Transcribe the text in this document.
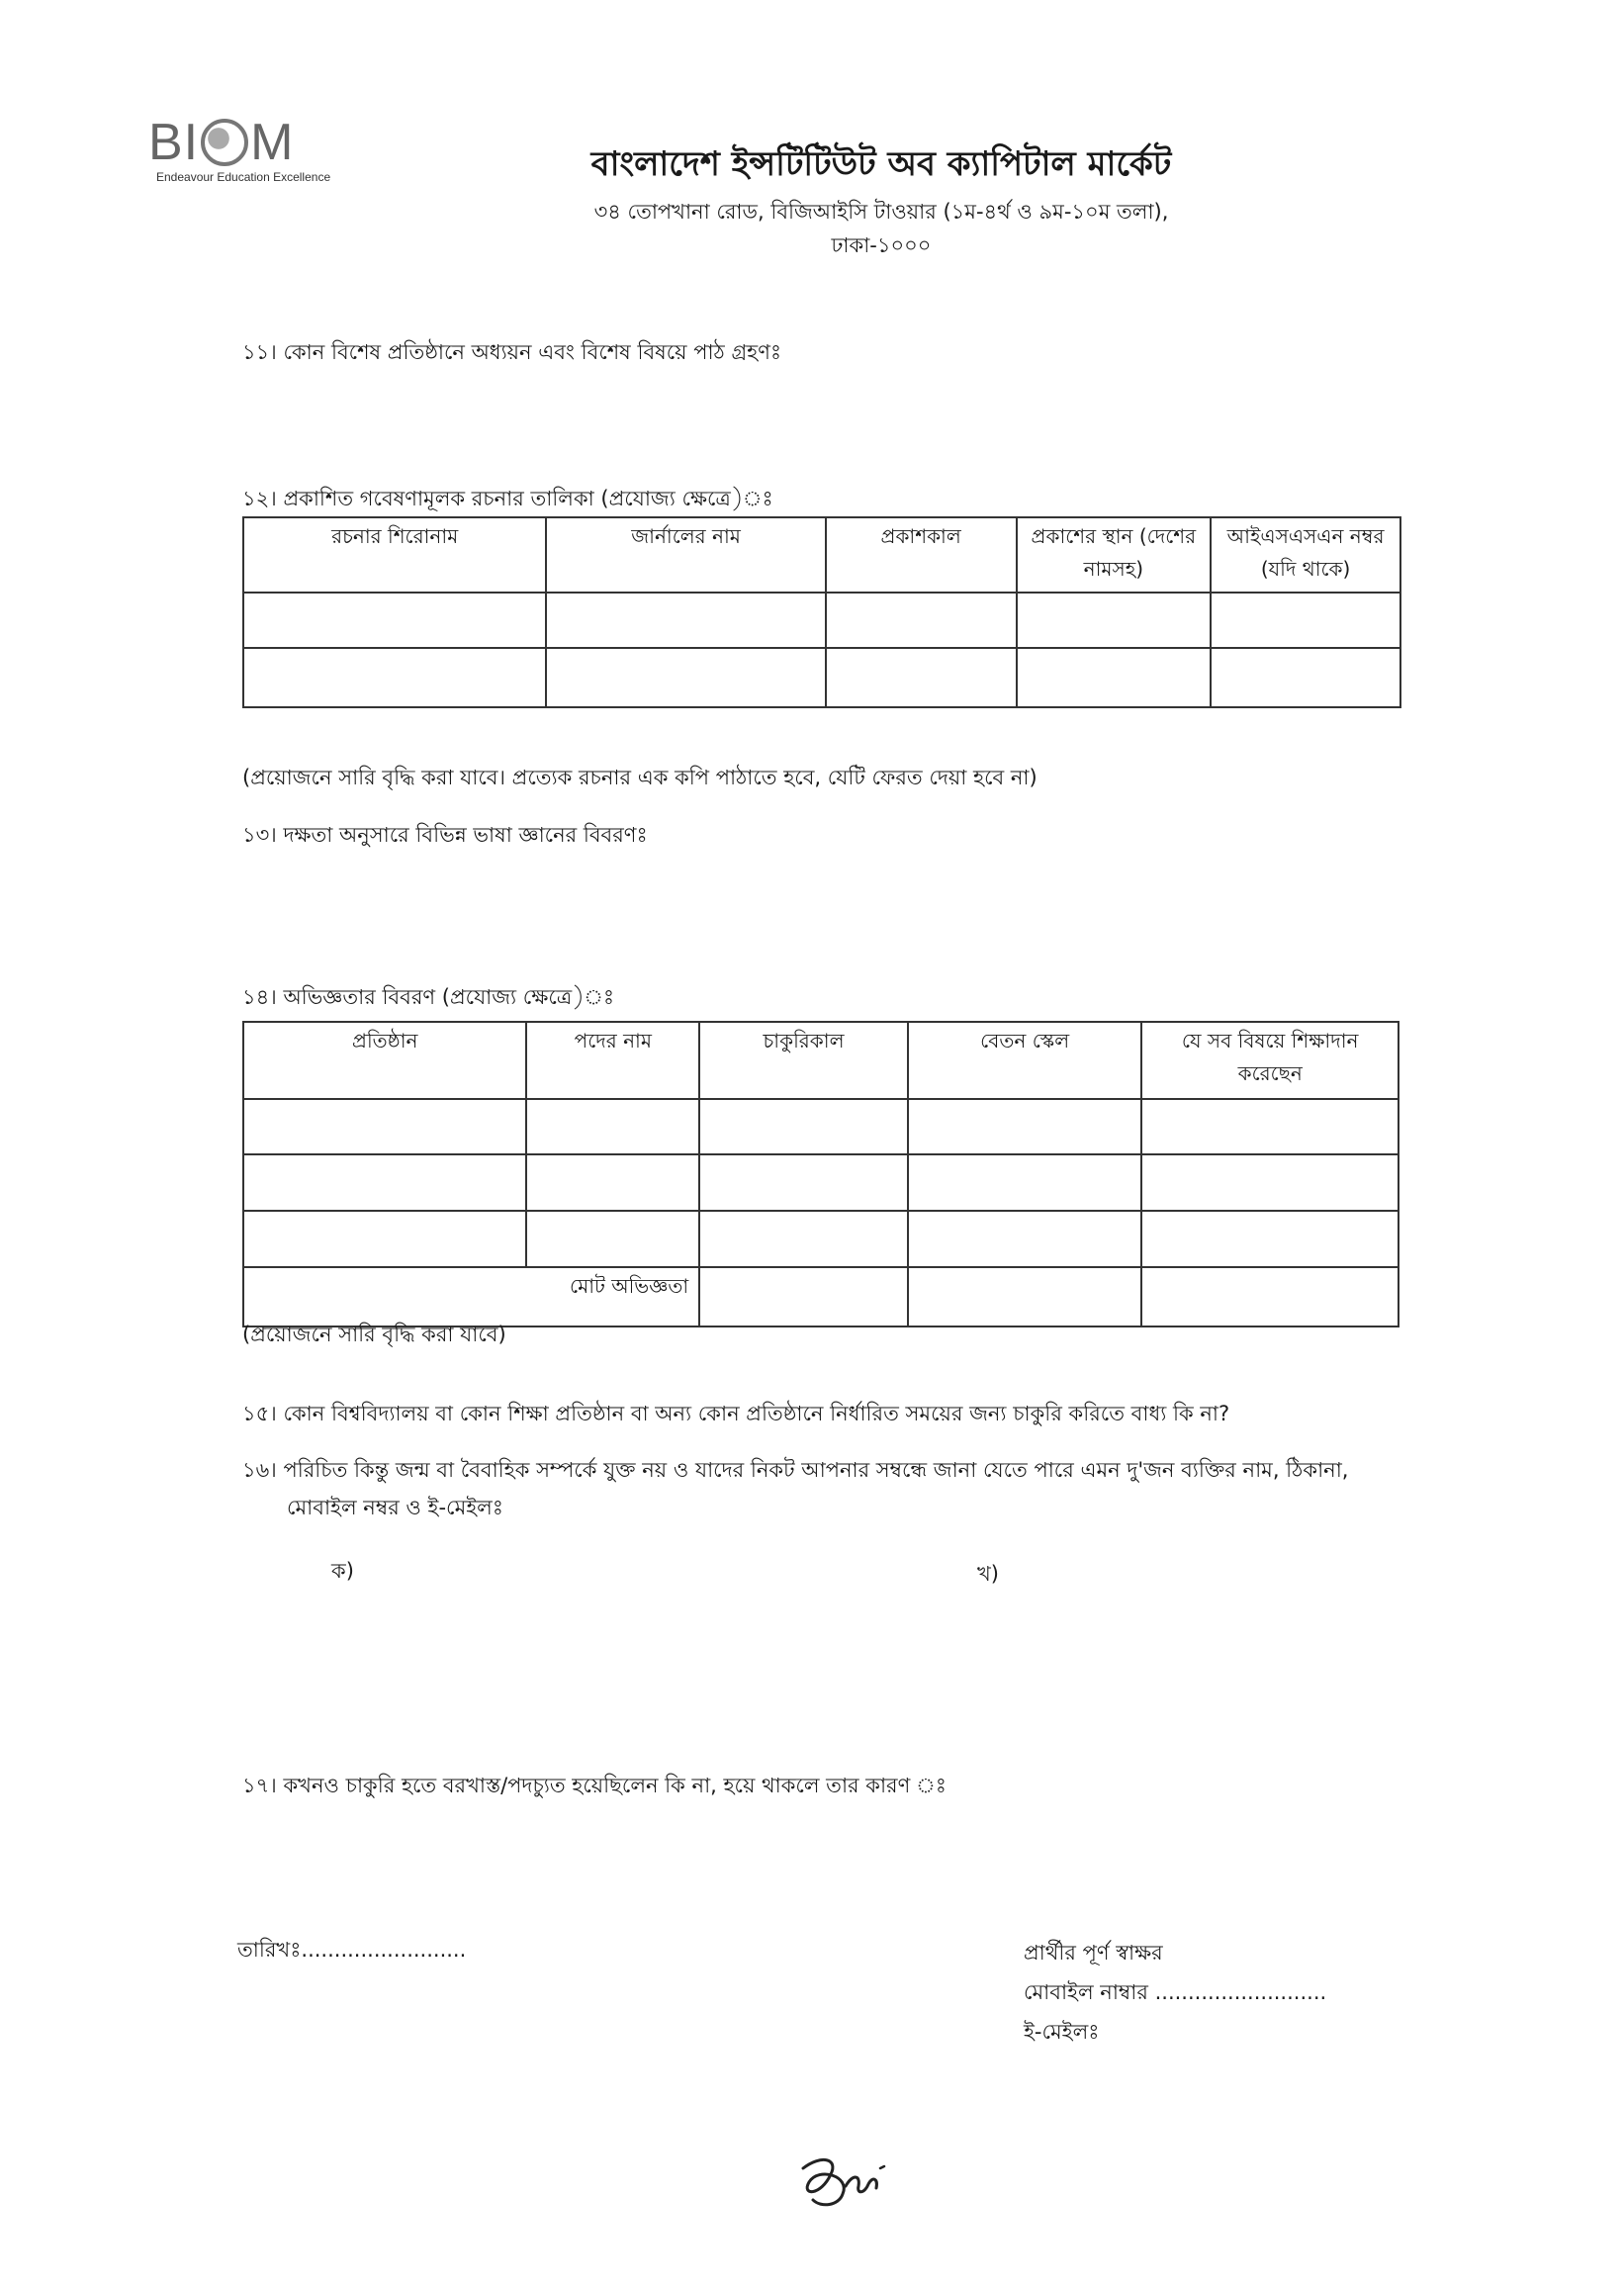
BI M
Endeavour Education Excellence	বাংলাদেশ ইন্সটিটিউট অব ক্যাপিটাল মার্কেট
৩৪ তোপখানা রোড, বিজিআইসি টাওয়ার (১ম-৪র্থ ও ৯ম-১০ম তলা),
ঢাকা-১০০০
১১। কোন বিশেষ প্রতিষ্ঠানে অধ্যয়ন এবং বিশেষ বিষয়ে পাঠ গ্রহণঃ
১২। প্রকাশিত গবেষণামূলক রচনার তালিকা (প্রযোজ্য ক্ষেত্রে)ঃ
রচনার শিরোনাম	জার্নালের নাম	প্রকাশকাল	প্রকাশের স্থান (দেশের নামসহ)	আইএসএসএন নম্বর (যদি থাকে)

(প্রয়োজনে সারি বৃদ্ধি করা যাবে। প্রত্যেক রচনার এক কপি পাঠাতে হবে, যেটি ফেরত দেয়া হবে না)
১৩। দক্ষতা অনুসারে বিভিন্ন ভাষা জ্ঞানের বিবরণঃ
১৪। অভিজ্ঞতার বিবরণ (প্রযোজ্য ক্ষেত্রে)ঃ
প্রতিষ্ঠান	পদের নাম	চাকুরিকাল	বেতন স্কেল	যে সব বিষয়ে শিক্ষাদান করেছেন

মোট অভিজ্ঞতা				
(প্রয়োজনে সারি বৃদ্ধি করা যাবে)
১৫। কোন বিশ্ববিদ্যালয় বা কোন শিক্ষা প্রতিষ্ঠান বা অন্য কোন প্রতিষ্ঠানে নির্ধারিত সময়ের জন্য চাকুরি করিতে বাধ্য কি না?
১৬। পরিচিত কিন্তু জন্ম বা বৈবাহিক সম্পর্কে যুক্ত নয় ও যাদের নিকট আপনার সম্বন্ধে জানা যেতে পারে এমন দু'জন ব্যক্তির নাম, ঠিকানা,
মোবাইল নম্বর ও ই-মেইলঃ
ক)	খ)
১৭। কখনও চাকুরি হতে বরখাস্ত/পদচ্যুত হয়েছিলেন কি না, হয়ে থাকলে তার কারণ ঃ
তারিখঃ.........................	প্রার্থীর পূর্ণ স্বাক্ষর
মোবাইল নাম্বার ..........................
ই-মেইলঃ
